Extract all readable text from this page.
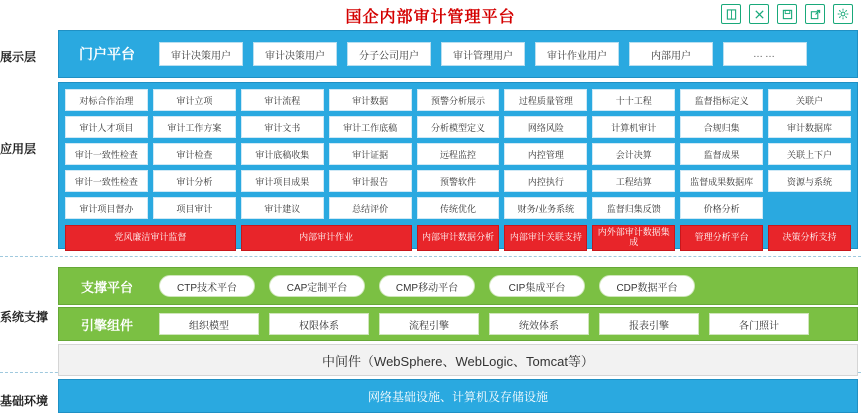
国企内部审计管理平台
展示层
应用层
系统支撑
基础环境
门户平台	审计决策用户	审计决策用户	分子公司用户	审计管理用户	审计作业用户	内部用户	……
对标合作治理	审计立项	审计流程	审计数据	预警分析展示	过程质量管理	十十工程	监督指标定义	关联户
审计人才项目	审计工作方案	审计文书	审计工作底稿	分析模型定义	网络风险	计算机审计	合规归集	审计数据库
审计一致性检查	审计检查	审计底稿收集	审计证据	远程监控	内控管理	会计决算	监督成果	关联上下户
审计一致性检查	审计分析	审计项目成果	审计报告	预警软件	内控执行	工程结算	监督成果数据库	资源与系统
审计项目督办	项目审计	审计建议	总结评价	传统优化	财务/业务系统	监督归集反馈	价格分析
党风廉洁审计监督	内部审计作业	内部审计数据分析	内部审计关联支持	内外部审计数据集成	管理分析平台	决策分析支持
支撑平台	CTP技术平台	CAP定制平台	CMP移动平台	CIP集成平台	CDP数据平台
引擎组件	组织模型	权限体系	流程引擎	统效体系	报表引擎	各门照计
中间件（WebSphere、WebLogic、Tomcat等）
网络基础设施、计算机及存储设施
